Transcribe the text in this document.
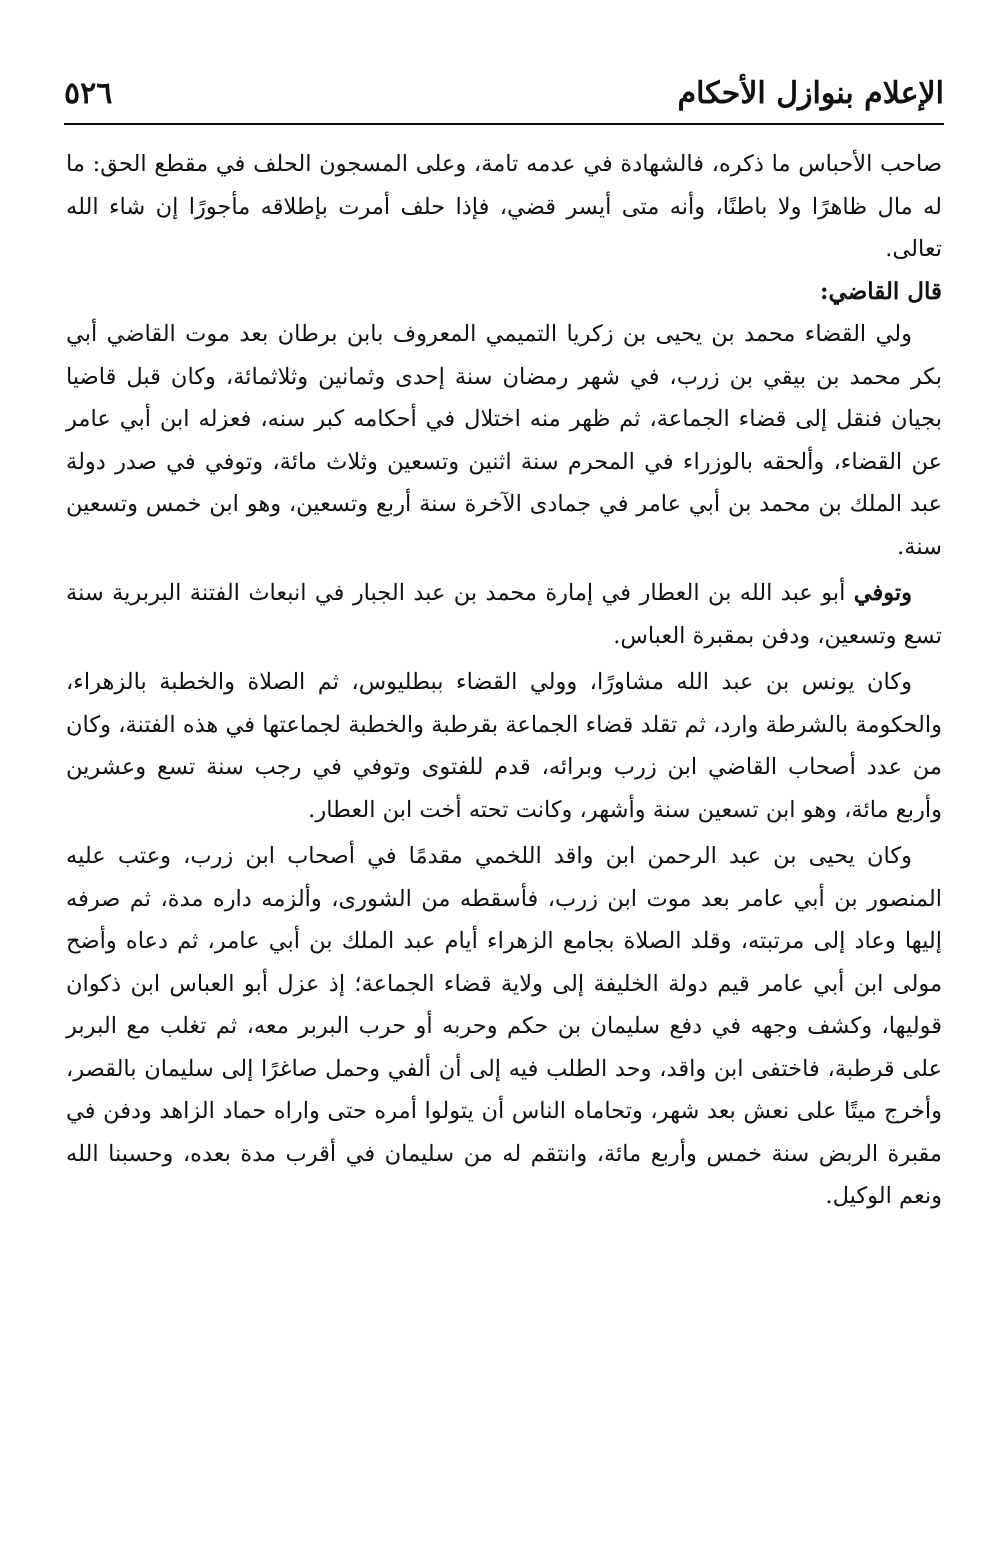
الإعلام بنوازل الأحكام
٥٢٦

صاحب الأحباس ما ذكره، فالشهادة في عدمه تامة، وعلى المسجون الحلف في مقطع الحق: ما له مال ظاهرًا ولا باطنًا، وأنه متى أيسر قضي، فإذا حلف أمرت بإطلاقه مأجورًا إن شاء الله تعالى.

قال القاضي:

ولي القضاء محمد بن يحيى بن زكريا التميمي المعروف بابن برطان بعد موت القاضي أبي بكر محمد بن بيقي بن زرب، في شهر رمضان سنة إحدى وثمانين وثلاثمائة، وكان قبل قاضيا بجيان فنقل إلى قضاء الجماعة، ثم ظهر منه اختلال في أحكامه كبر سنه، فعزله ابن أبي عامر عن القضاء، وألحقه بالوزراء في المحرم سنة اثنين وتسعين وثلاث مائة، وتوفي في صدر دولة عبد الملك بن محمد بن أبي عامر في جمادى الآخرة سنة أربع وتسعين، وهو ابن خمس وتسعين سنة.

وتوفي أبو عبد الله بن العطار في إمارة محمد بن عبد الجبار في انبعاث الفتنة البربرية سنة تسع وتسعين، ودفن بمقبرة العباس.

وكان يونس بن عبد الله مشاورًا، وولي القضاء ببطليوس، ثم الصلاة والخطبة بالزهراء، والحكومة بالشرطة وارد، ثم تقلد قضاء الجماعة بقرطبة والخطبة لجماعتها في هذه الفتنة، وكان من عدد أصحاب القاضي ابن زرب وبرائه، قدم للفتوى وتوفي في رجب سنة تسع وعشرين وأربع مائة، وهو ابن تسعين سنة وأشهر، وكانت تحته أخت ابن العطار.

وكان يحيى بن عبد الرحمن ابن واقد اللخمي مقدمًا في أصحاب ابن زرب، وعتب عليه المنصور بن أبي عامر بعد موت ابن زرب، فأسقطه من الشورى، وألزمه داره مدة، ثم صرفه إليها وعاد إلى مرتبته، وقلد الصلاة بجامع الزهراء أيام عبد الملك بن أبي عامر، ثم دعاه وأضح مولى ابن أبي عامر قيم دولة الخليفة إلى ولاية قضاء الجماعة؛ إذ عزل أبو العباس ابن ذكوان قوليها، وكشف وجهه في دفع سليمان بن حكم وحربه أو حرب البربر معه، ثم تغلب مع البربر على قرطبة، فاختفى ابن واقد، وحد الطلب فيه إلى أن ألفي وحمل صاغرًا إلى سليمان بالقصر، وأخرج ميتًا على نعش بعد شهر، وتحاماه الناس أن يتولوا أمره حتى واراه حماد الزاهد ودفن في مقبرة الربض سنة خمس وأربع مائة، وانتقم له من سليمان في أقرب مدة بعده، وحسبنا الله ونعم الوكيل.
